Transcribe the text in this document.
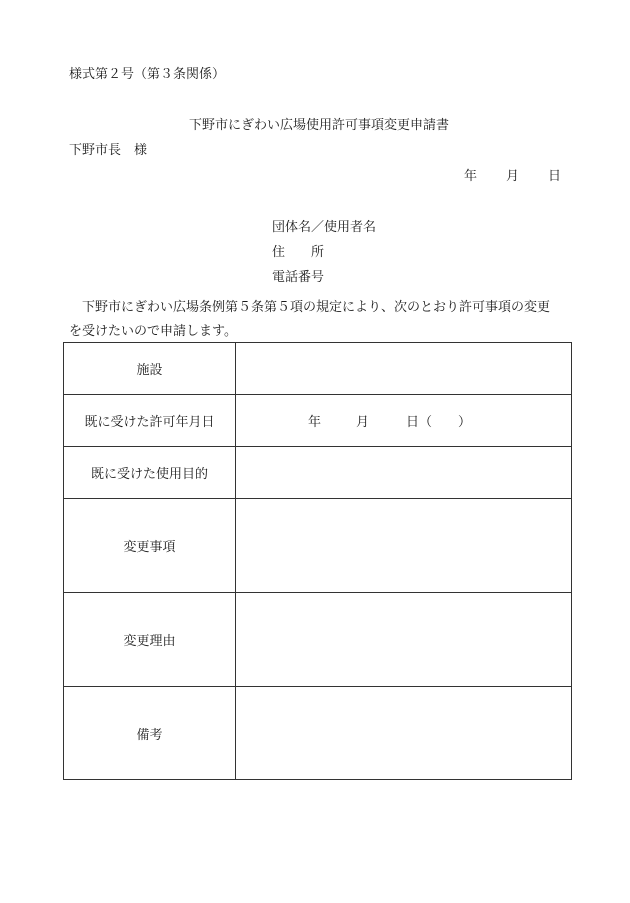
様式第２号（第３条関係）
下野市にぎわい広場使用許可事項変更申請書
下野市長　様
年 月 日
団体名／使用者名
住　　所
電話番号
下野市にぎわい広場条例第５条第５項の規定により、次のとおり許可事項の変更を受けたいので申請します。
施設	
既に受けた許可年月日	年 月 日（　　）
既に受けた使用目的	
変更事項	
変更理由	
備考	
